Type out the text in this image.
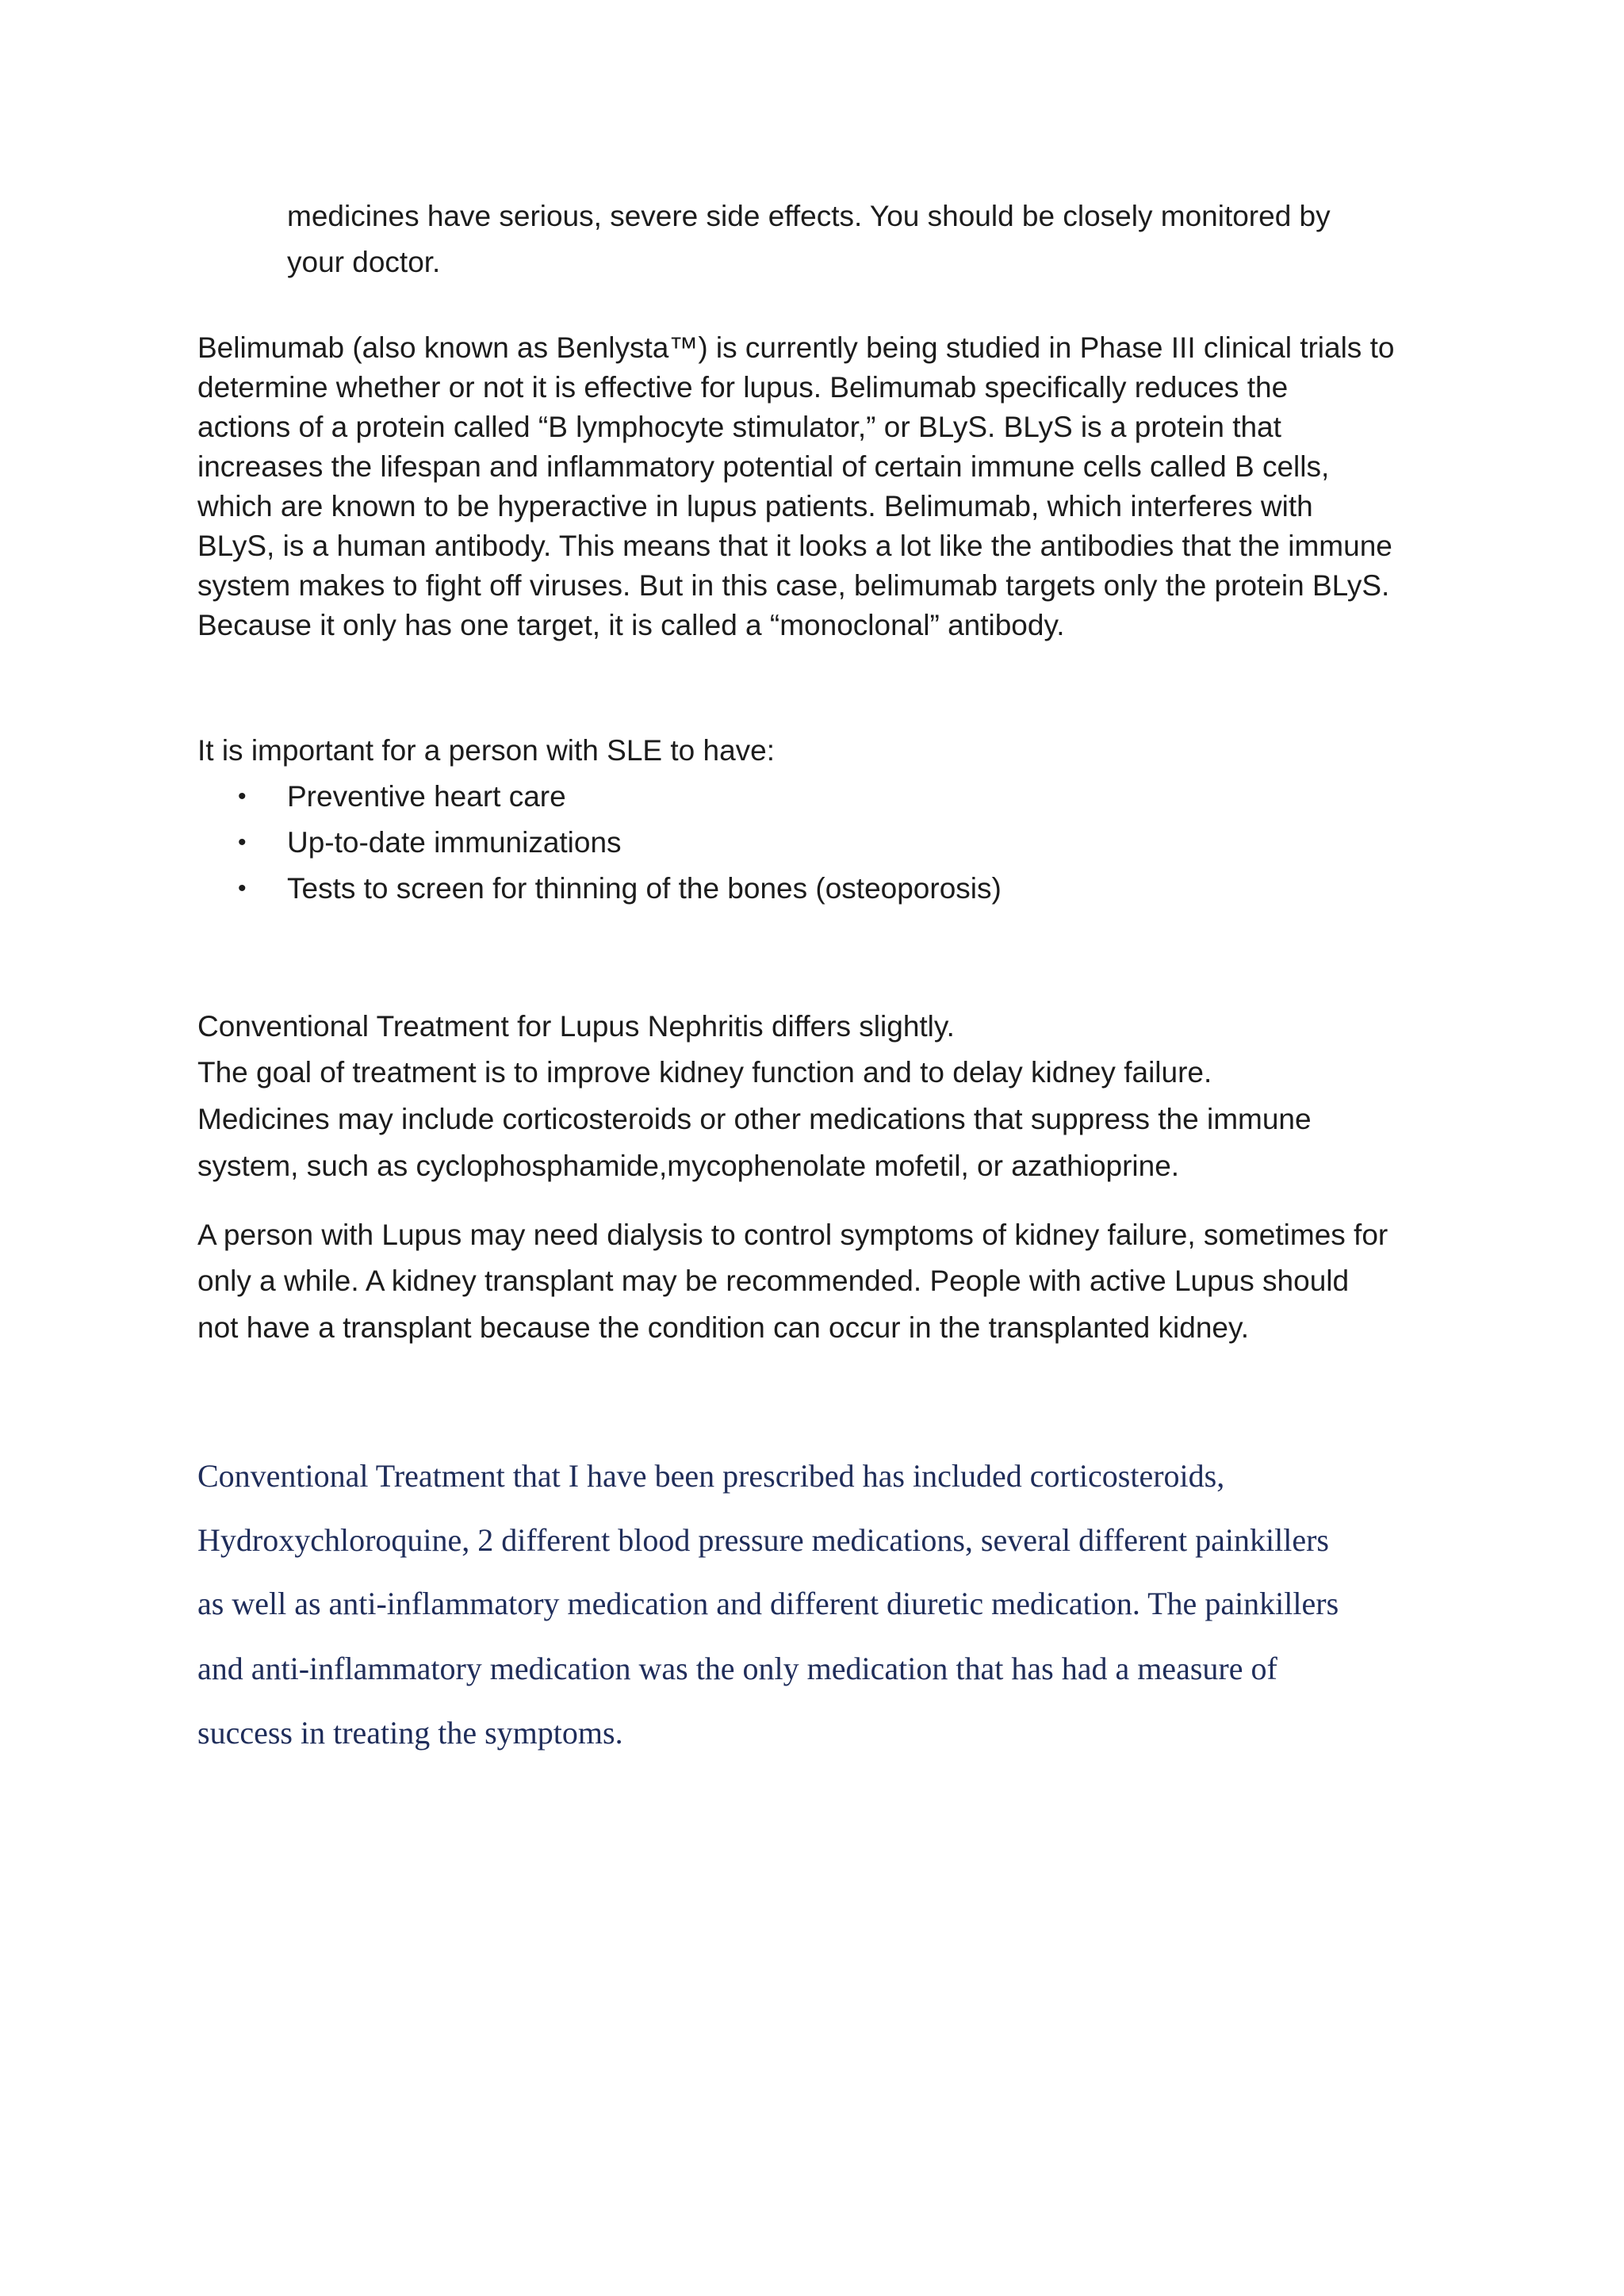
medicines have serious, severe side effects. You should be closely monitored by
your doctor.
Belimumab (also known as Benlysta™) is currently being studied in Phase III clinical trials to
determine whether or not it is effective for lupus. Belimumab specifically reduces the
actions of a protein called “B lymphocyte stimulator,” or BLyS. BLyS is a protein that
increases the lifespan and inflammatory potential of certain immune cells called B cells,
which are known to be hyperactive in lupus patients. Belimumab, which interferes with
BLyS, is a human antibody. This means that it looks a lot like the antibodies that the immune
system makes to fight off viruses. But in this case, belimumab targets only the protein BLyS.
Because it only has one target, it is called a “monoclonal” antibody.
It is important for a person with SLE to have:
• Preventive heart care
• Up-to-date immunizations
• Tests to screen for thinning of the bones (osteoporosis)
Conventional Treatment for Lupus Nephritis differs slightly.
The goal of treatment is to improve kidney function and to delay kidney failure.
Medicines may include corticosteroids or other medications that suppress the immune
system, such as cyclophosphamide,mycophenolate mofetil, or azathioprine.
A person with Lupus may need dialysis to control symptoms of kidney failure, sometimes for
only a while. A kidney transplant may be recommended. People with active Lupus should
not have a transplant because the condition can occur in the transplanted kidney.
Conventional Treatment that I have been prescribed has included corticosteroids,
Hydroxychloroquine, 2 different blood pressure medications, several different painkillers
as well as anti-inflammatory medication and different diuretic medication. The painkillers
and anti-inflammatory medication was the only medication that has had a measure of
success in treating the symptoms.
